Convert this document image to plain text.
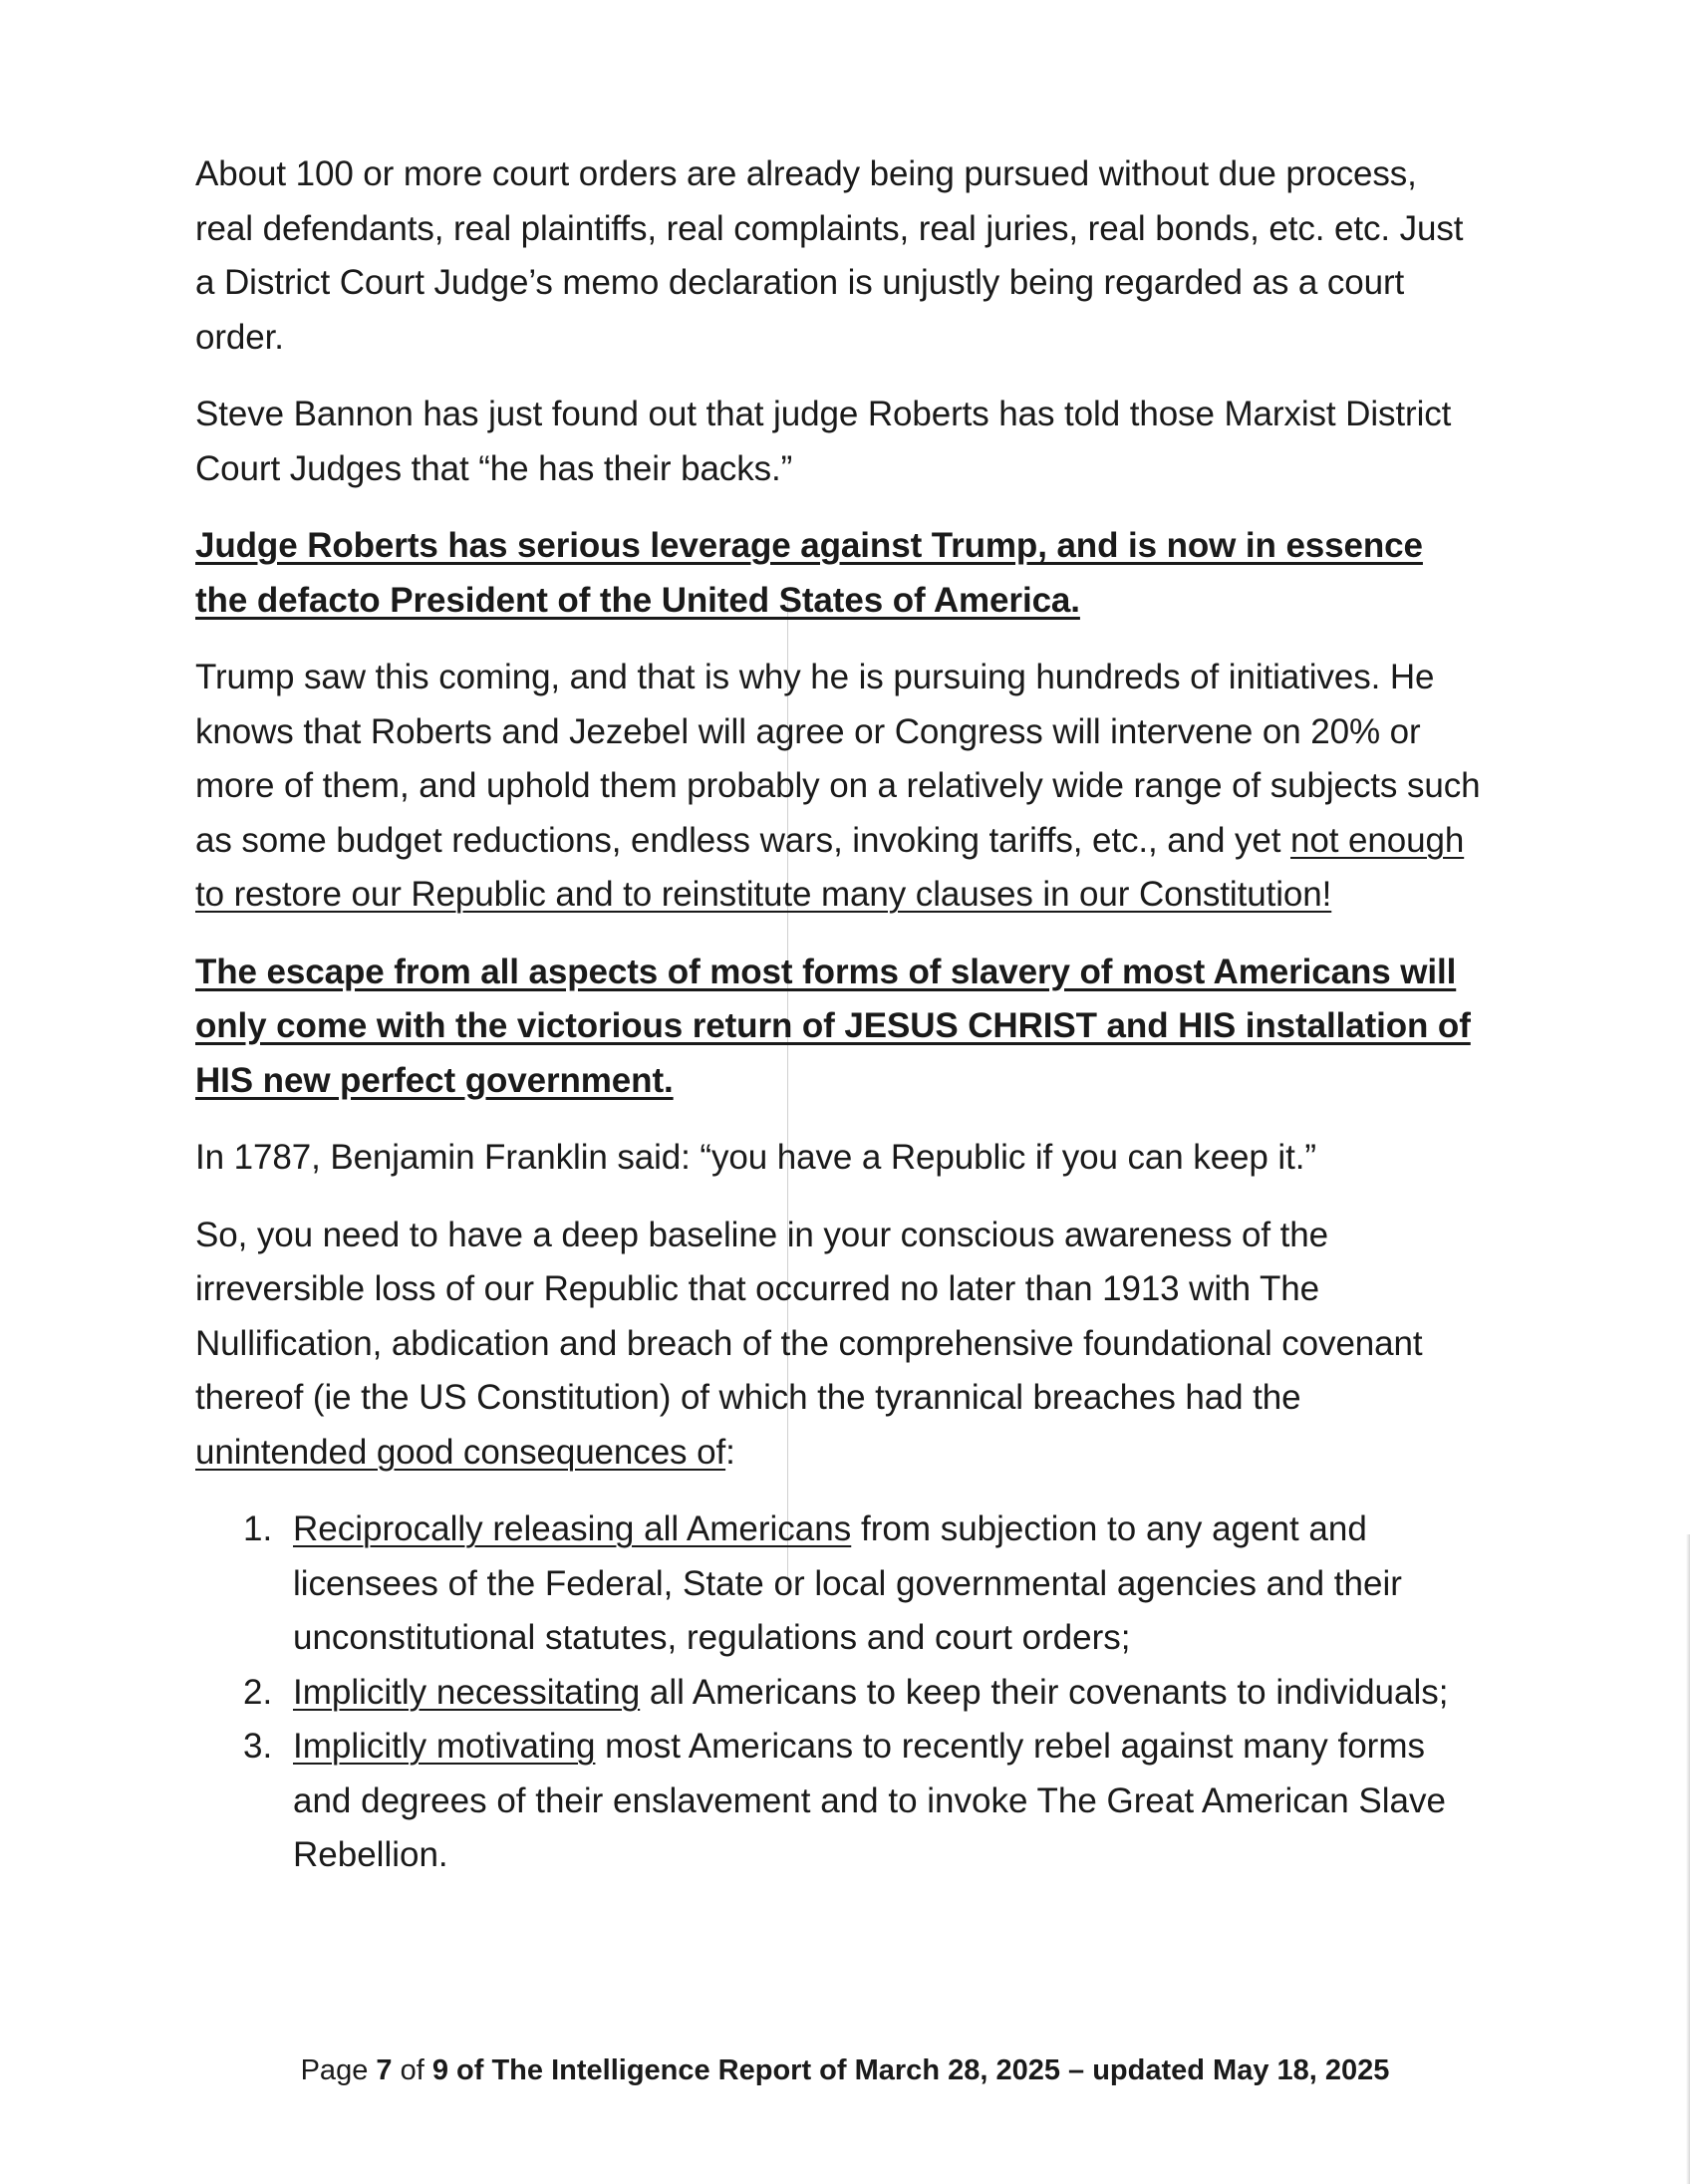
About 100 or more court orders are already being pursued without due process, real defendants, real plaintiffs, real complaints, real juries, real bonds, etc. etc. Just a District Court Judge’s memo declaration is unjustly being regarded as a court order.

Steve Bannon has just found out that judge Roberts has told those Marxist District Court Judges that “he has their backs.”

Judge Roberts has serious leverage against Trump, and is now in essence the defacto President of the United States of America.

Trump saw this coming, and that is why he is pursuing hundreds of initiatives. He knows that Roberts and Jezebel will agree or Congress will intervene on 20% or more of them, and uphold them probably on a relatively wide range of subjects such as some budget reductions, endless wars, invoking tariffs, etc., and yet not enough to restore our Republic and to reinstitute many clauses in our Constitution!

The escape from all aspects of most forms of slavery of most Americans will only come with the victorious return of JESUS CHRIST and HIS installation of HIS new perfect government.

In 1787, Benjamin Franklin said: “you have a Republic if you can keep it.”

So, you need to have a deep baseline in your conscious awareness of the irreversible loss of our Republic that occurred no later than 1913 with The Nullification, abdication and breach of the comprehensive foundational covenant thereof (ie the US Constitution) of which the tyrannical breaches had the unintended good consequences of:

1. Reciprocally releasing all Americans from subjection to any agent and licensees of the Federal, State or local governmental agencies and their unconstitutional statutes, regulations and court orders;
2. Implicitly necessitating all Americans to keep their covenants to individuals;
3. Implicitly motivating most Americans to recently rebel against many forms and degrees of their enslavement and to invoke The Great American Slave Rebellion.
Page 7 of 9 of The Intelligence Report of March 28, 2025 – updated May 18, 2025
